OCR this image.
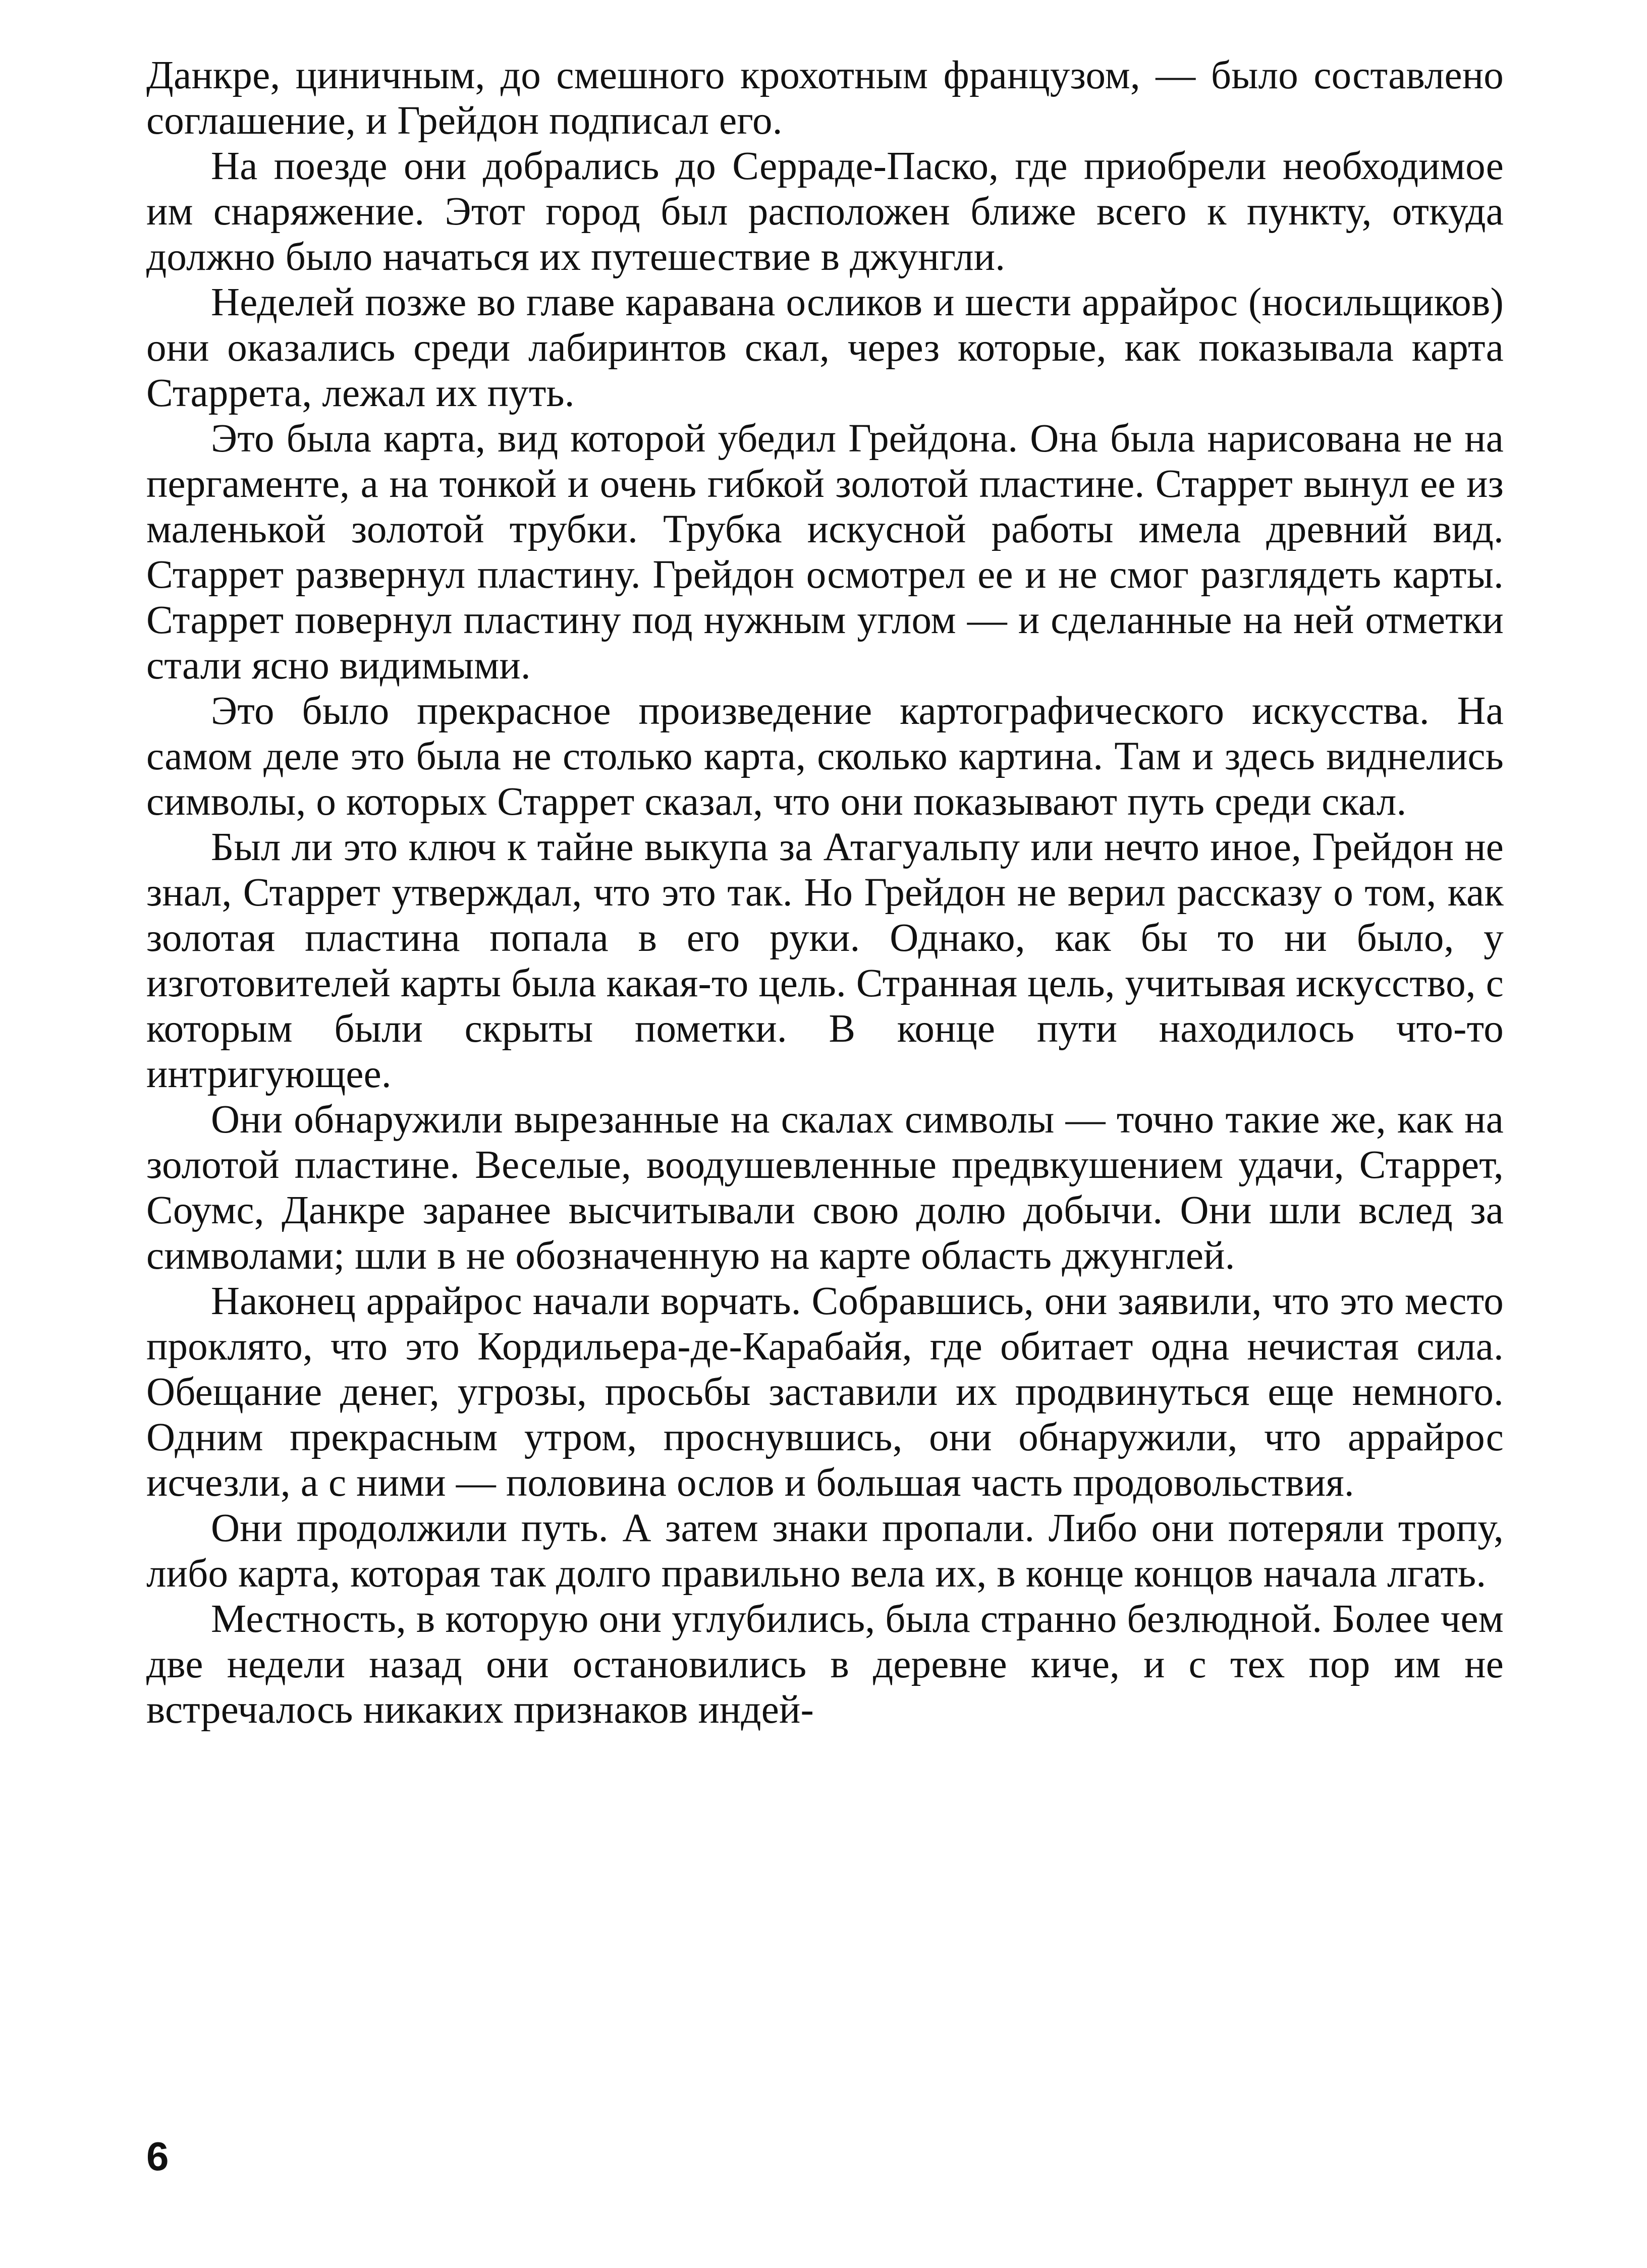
Данкре, циничным, до смешного крохотным французом, — было составлено соглашение, и Грейдон подписал его.

На поезде они добрались до Серраде-Паско, где приобрели необходимое им снаряжение. Этот город был расположен ближе всего к пункту, откуда должно было начаться их путешествие в джунгли.

Неделей позже во главе каравана осликов и шести аррайрос (носильщиков) они оказались среди лабиринтов скал, через которые, как показывала карта Старрета, лежал их путь.

Это была карта, вид которой убедил Грейдона. Она была нарисована не на пергаменте, а на тонкой и очень гибкой золотой пластине. Старрет вынул ее из маленькой золотой трубки. Трубка искусной работы имела древний вид. Старрет развернул пластину. Грейдон осмотрел ее и не смог разглядеть карты. Старрет повернул пластину под нужным углом — и сделанные на ней отметки стали ясно видимыми.

Это было прекрасное произведение картографического искусства. На самом деле это была не столько карта, сколько картина. Там и здесь виднелись символы, о которых Старрет сказал, что они показывают путь среди скал.

Был ли это ключ к тайне выкупа за Атагуальпу или нечто иное, Грейдон не знал, Старрет утверждал, что это так. Но Грейдон не верил рассказу о том, как золотая пластина попала в его руки. Однако, как бы то ни было, у изготовителей карты была какая-то цель. Странная цель, учитывая искусство, с которым были скрыты пометки. В конце пути находилось что-то интригующее.

Они обнаружили вырезанные на скалах символы — точно такие же, как на золотой пластине. Веселые, воодушевленные предвкушением удачи, Старрет, Соумс, Данкре заранее высчитывали свою долю добычи. Они шли вслед за символами; шли в не обозначенную на карте область джунглей.

Наконец аррайрос начали ворчать. Собравшись, они заявили, что это место проклято, что это Кордильера-де-Карабайя, где обитает одна нечистая сила. Обещание денег, угрозы, просьбы заставили их продвинуться еще немного. Одним прекрасным утром, проснувшись, они обнаружили, что аррайрос исчезли, а с ними — половина ослов и большая часть продовольствия.

Они продолжили путь. А затем знаки пропали. Либо они потеряли тропу, либо карта, которая так долго правильно вела их, в конце концов начала лгать.

Местность, в которую они углубились, была странно безлюдной. Более чем две недели назад они остановились в деревне киче, и с тех пор им не встречалось никаких признаков индей-

6
